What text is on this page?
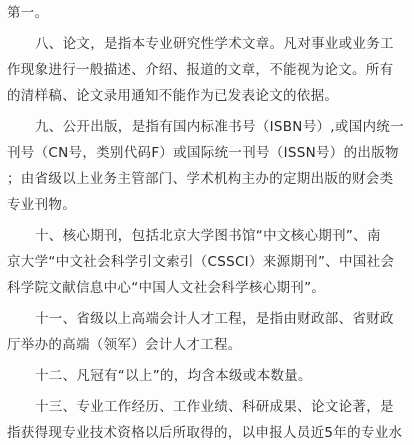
第一。
八、论文，是指本专业研究性学术文章。凡对事业或业务工
作现象进行一般描述、介绍、报道的文章，不能视为论文。所有
的清样稿、论文录用通知不能作为已发表论文的依据。
九、公开出版，是指有国内标准书号（ISBN号）,或国内统一
刊号（CN号，类别代码F）或国际统一刊号（ISSN号）的出版物
；由省级以上业务主管部门、学术机构主办的定期出版的财会类
专业刊物。
十、核心期刊，包括北京大学图书馆“中文核心期刊”、南
京大学“中文社会科学引文索引（CSSCI）来源期刊”、中国社会
科学院文献信息中心“中国人文社会科学核心期刊”。
十一、省级以上高端会计人才工程，是指由财政部、省财政
厅举办的高端（领军）会计人才工程。
十二、凡冠有“以上”的，均含本级或本数量。
十三、专业工作经历、工作业绩、科研成果、论文论著，是
指获得现专业技术资格以后所取得的，以申报人员近5年的专业水
